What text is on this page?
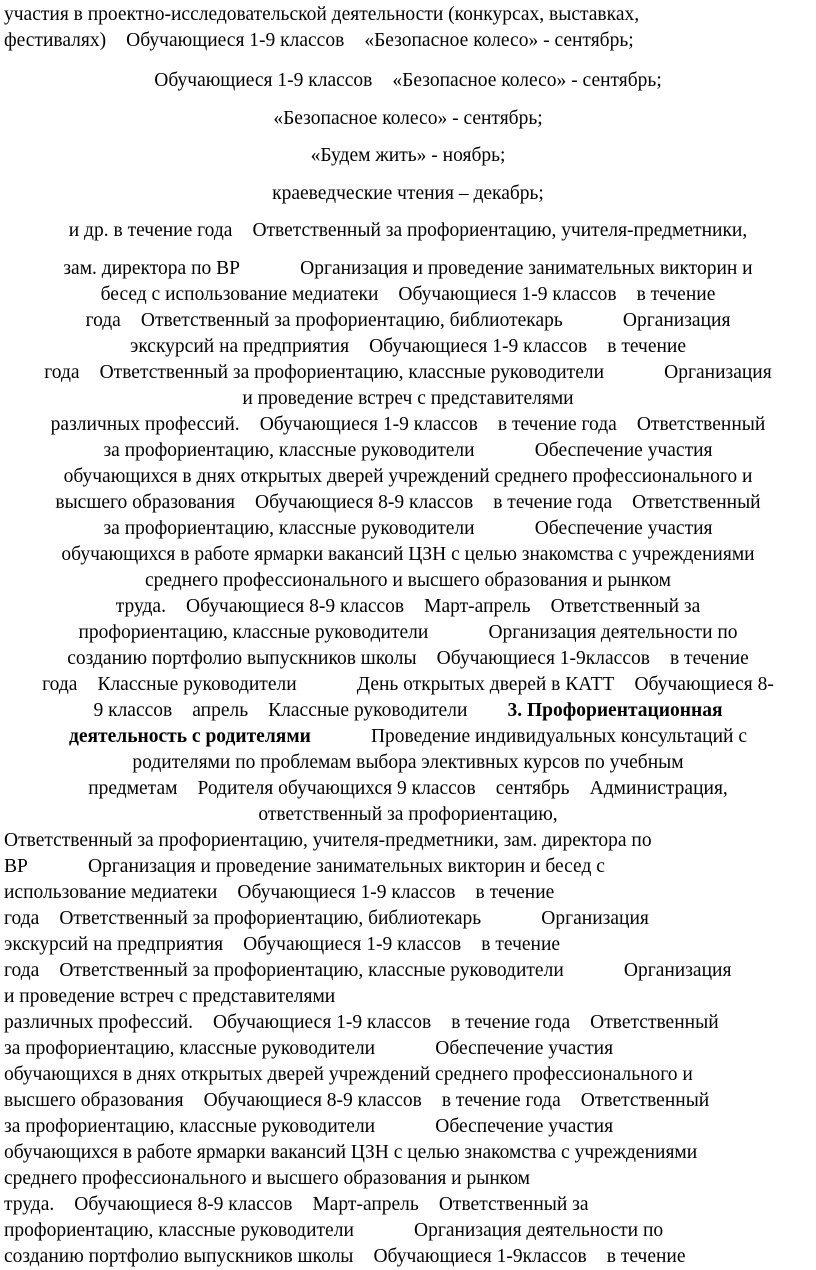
участия в проектно-исследовательской деятельности (конкурсах, выставках,
фестивалях) Обучающиеся 1-9 классов «Безопасное колесо» - сентябрь;
Обучающиеся 1-9 классов «Безопасное колесо» - сентябрь;
«Безопасное колесо» - сентябрь;
«Будем жить» - ноябрь;
краеведческие чтения – декабрь;
и др. в течение года Ответственный за профориентацию, учителя-предметники,
зам. директора по ВР Организация и проведение занимательных викторин и
бесед с использование медиатеки Обучающиеся 1-9 классов в течение
года Ответственный за профориентацию, библиотекарь Организация
экскурсий на предприятия Обучающиеся 1-9 классов в течение
года Ответственный за профориентацию, классные руководители Организация
и проведение встреч с представителями
различных профессий. Обучающиеся 1-9 классов в течение года Ответственный
за профориентацию, классные руководители Обеспечение участия
обучающихся в днях открытых дверей учреждений среднего профессионального и
высшего образования Обучающиеся 8-9 классов в течение года Ответственный
за профориентацию, классные руководители Обеспечение участия
обучающихся в работе ярмарки вакансий ЦЗН с целью знакомства с учреждениями
среднего профессионального и высшего образования и рынком
труда. Обучающиеся 8-9 классов Март-апрель Ответственный за
профориентацию, классные руководители Организация деятельности по
созданию портфолио выпускников школы Обучающиеся 1-9классов в течение
года Классные руководители День открытых дверей в КАТТ Обучающиеся 8-
9 классов апрель Классные руководители 3. Профориентационная
деятельность с родителями Проведение индивидуальных консультаций с
родителями по проблемам выбора элективных курсов по учебным
предметам Родителя обучающихся 9 классов сентябрь Администрация,
ответственный за профориентацию,
Ответственный за профориентацию, учителя-предметники, зам. директора по
ВР Организация и проведение занимательных викторин и бесед с
использование медиатеки Обучающиеся 1-9 классов в течение
года Ответственный за профориентацию, библиотекарь Организация
экскурсий на предприятия Обучающиеся 1-9 классов в течение
года Ответственный за профориентацию, классные руководители Организация
и проведение встреч с представителями
различных профессий. Обучающиеся 1-9 классов в течение года Ответственный
за профориентацию, классные руководители Обеспечение участия
обучающихся в днях открытых дверей учреждений среднего профессионального и
высшего образования Обучающиеся 8-9 классов в течение года Ответственный
за профориентацию, классные руководители Обеспечение участия
обучающихся в работе ярмарки вакансий ЦЗН с целью знакомства с учреждениями
среднего профессионального и высшего образования и рынком
труда. Обучающиеся 8-9 классов Март-апрель Ответственный за
профориентацию, классные руководители Организация деятельности по
созданию портфолио выпускников школы Обучающиеся 1-9классов в течение
